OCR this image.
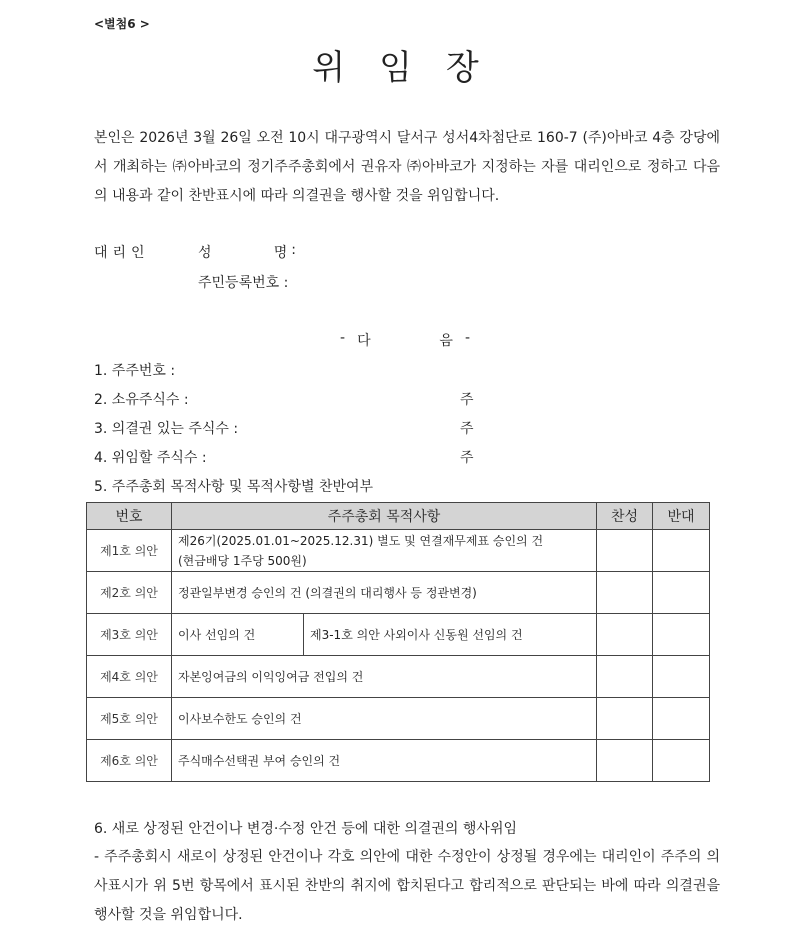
<별첨6 >
위 임 장
본인은 2026년 3월 26일 오전 10시 대구광역시 달서구 성서4차첨단로 160-7 (주)아바코 4층 강당에서 개최하는 ㈜아바코의 정기주주총회에서 권유자 ㈜아바코가 지정하는 자를 대리인으로 정하고 다음의 내용과 같이 찬반표시에 따라 의결권을 행사할 것을 위임합니다.
대리인	성	명 :
주민등록번호 :
- 다	음 -
1. 주주번호 :
2. 소유주식수 :	주
3. 의결권 있는 주식수 :	주
4. 위임할 주식수 :	주
5. 주주총회 목적사항 및 목적사항별 찬반여부
번호	주주총회 목적사항		찬성	반대
제1호 의안	제26기(2025.01.01~2025.12.31) 별도 및 연결재무제표 승인의 건
(현금배당 1주당 500원)			

제2호 의안	정관일부변경 승인의 건 (의결권의 대리행사 등 정관변경)			
제3호 의안	이사 선임의 건	제3-1호 의안 사외이사 신동원 선임의 건		
제4호 의안	자본잉여금의 이익잉여금 전입의 건			
제5호 의안	이사보수한도 승인의 건			
제6호 의안	주식매수선택권 부여 승인의 건			
6. 새로 상정된 안건이나 변경·수정 안건 등에 대한 의결권의 행사위임
- 주주총회시 새로이 상정된 안건이나 각호 의안에 대한 수정안이 상정될 경우에는 대리인이 주주의 의사표시가 위 5번 항목에서 표시된 찬반의 취지에 합치된다고 합리적으로 판단되는 바에 따라 의결권을 행사할 것을 위임합니다.
